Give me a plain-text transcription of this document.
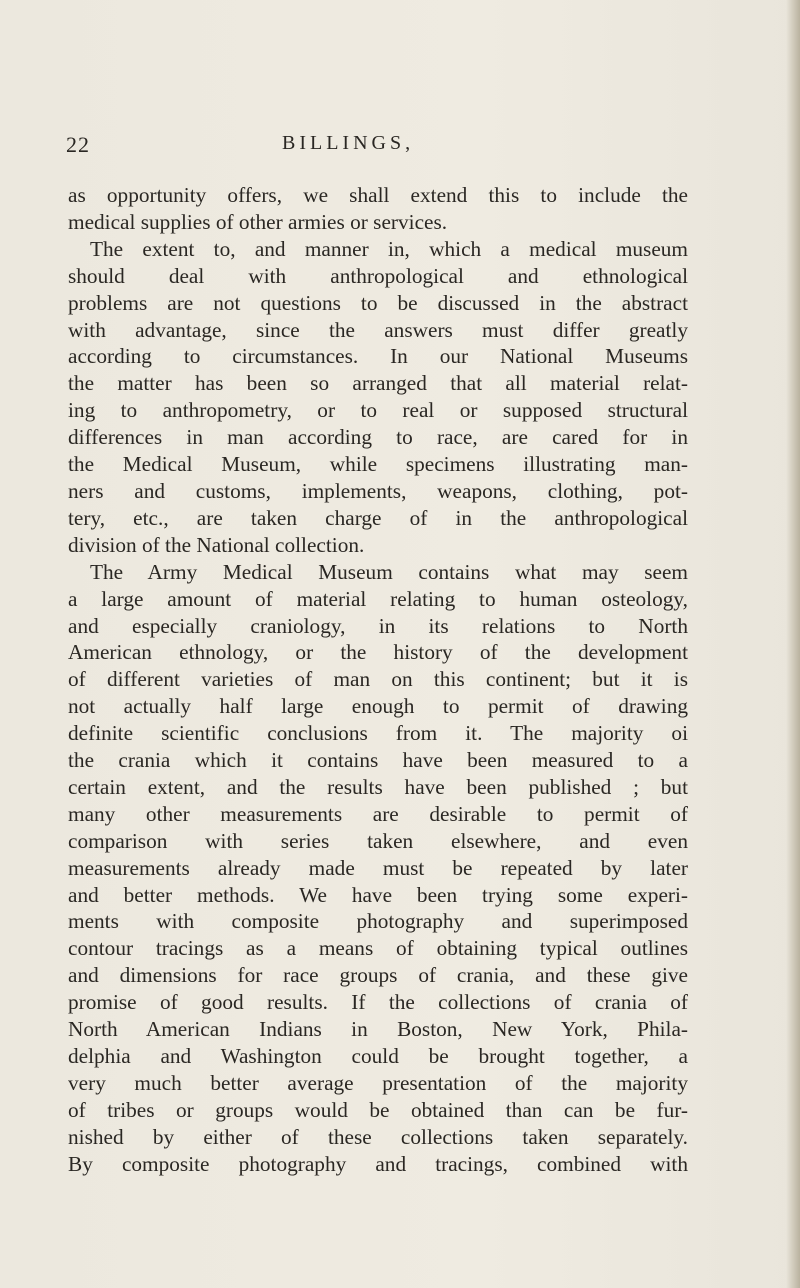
22	BILLINGS,
as opportunity offers, we shall extend this to include the
medical supplies of other armies or services.
The extent to, and manner in, which a medical museum
should deal with anthropological and ethnological
problems are not questions to be discussed in the abstract
with advantage, since the answers must differ greatly
according to circumstances. In our National Museums
the matter has been so arranged that all material relat-
ing to anthropometry, or to real or supposed structural
differences in man according to race, are cared for in
the Medical Museum, while specimens illustrating man-
ners and customs, implements, weapons, clothing, pot-
tery, etc., are taken charge of in the anthropological
division of the National collection.
The Army Medical Museum contains what may seem
a large amount of material relating to human osteology,
and especially craniology, in its relations to North
American ethnology, or the history of the development
of different varieties of man on this continent; but it is
not actually half large enough to permit of drawing
definite scientific conclusions from it. The majority oi
the crania which it contains have been measured to a
certain extent, and the results have been published ; but
many other measurements are desirable to permit of
comparison with series taken elsewhere, and even
measurements already made must be repeated by later
and better methods. We have been trying some experi-
ments with composite photography and superimposed
contour tracings as a means of obtaining typical outlines
and dimensions for race groups of crania, and these give
promise of good results. If the collections of crania of
North American Indians in Boston, New York, Phila-
delphia and Washington could be brought together, a
very much better average presentation of the majority
of tribes or groups would be obtained than can be fur-
nished by either of these collections taken separately.
By composite photography and tracings, combined with
